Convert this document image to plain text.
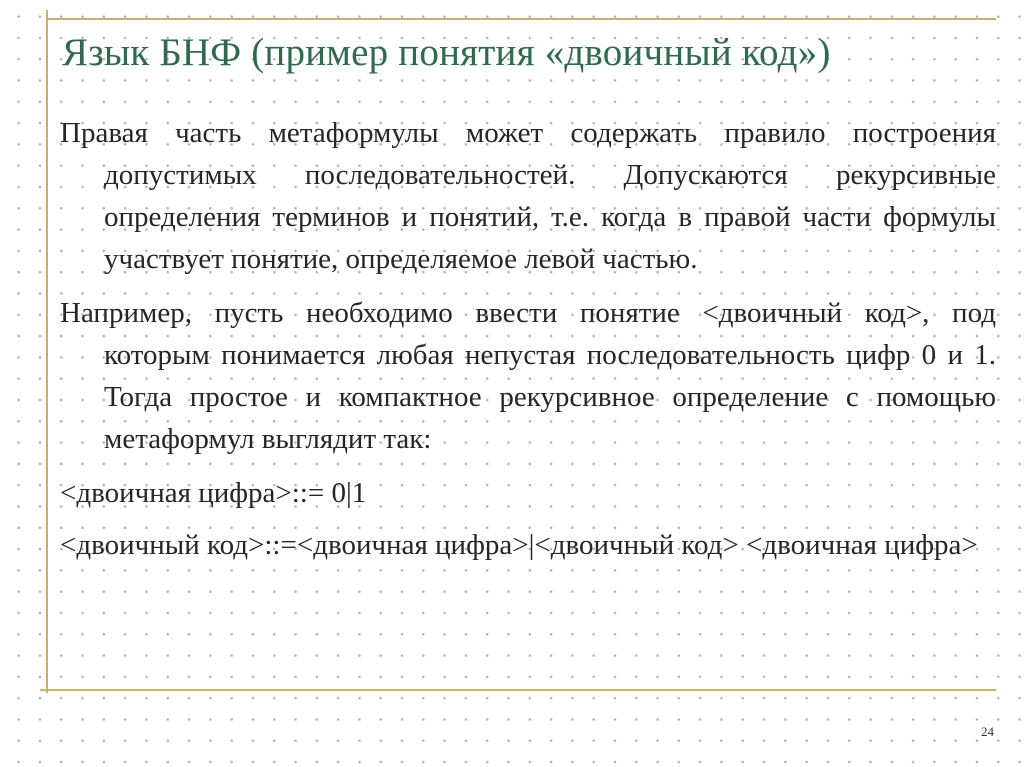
Язык БНФ (пример понятия «двоичный код»)

Правая часть метаформулы может содержать правило построения допустимых последовательностей. Допускаются рекурсивные определения терминов и понятий, т.е. когда в правой части формулы участвует понятие, определяемое левой частью.

Например, пусть необходимо ввести понятие <двоичный код>, под которым понимается любая непустая последовательность цифр 0 и 1. Тогда простое и компактное рекурсивное определение с помощью метаформул выглядит так:

<двоичная цифра>::= 0|1

<двоичный код>::=<двоичная цифра>|<двоичный код> <двоичная цифра>

24
